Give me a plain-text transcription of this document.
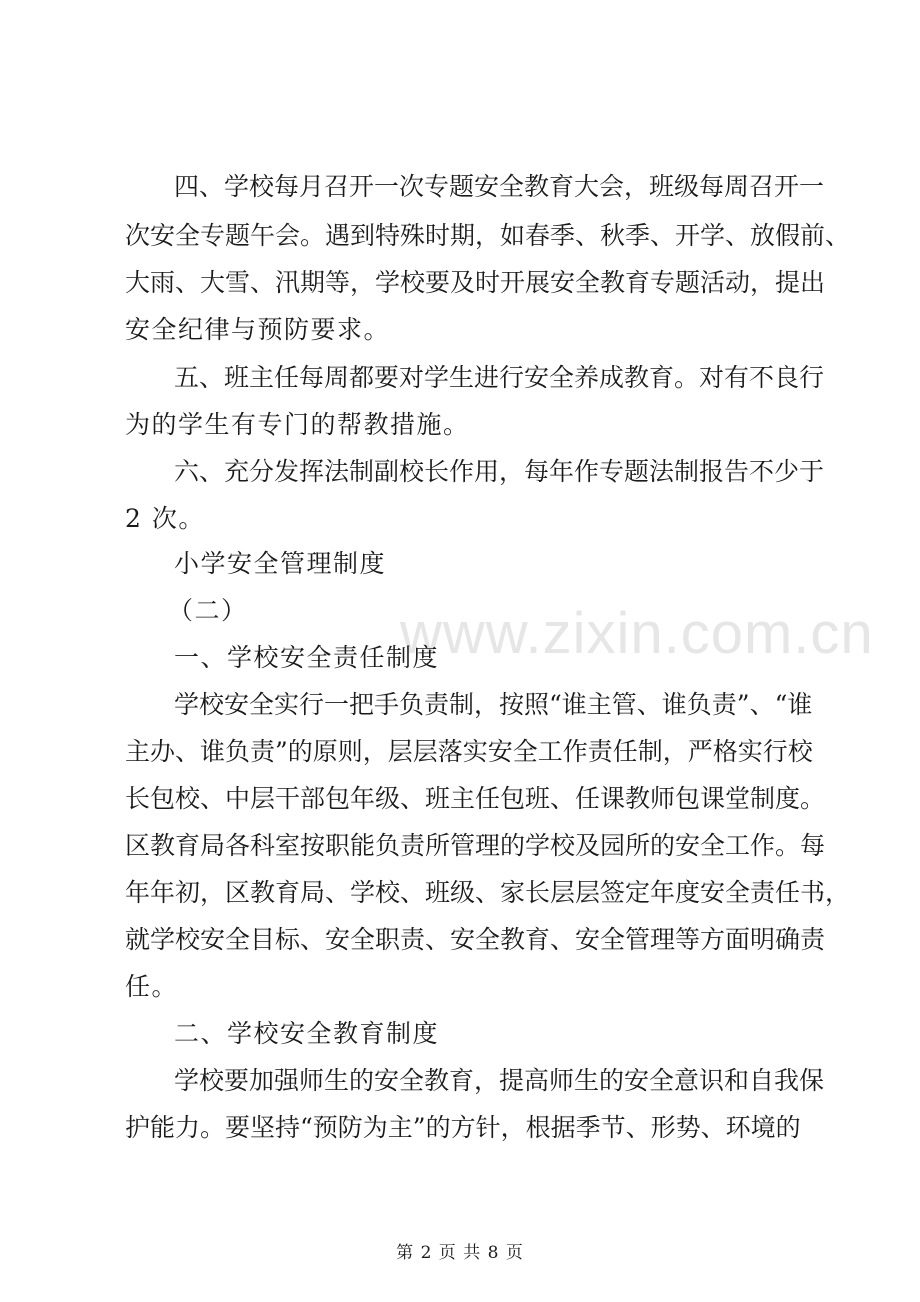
www.zixin.com.cn
四、学校每月召开一次专题安全教育大会，班级每周召开一
次安全专题午会。遇到特殊时期，如春季、秋季、开学、放假前、
大雨、大雪、汛期等，学校要及时开展安全教育专题活动，提出
安全纪律与预防要求。
五、班主任每周都要对学生进行安全养成教育。对有不良行
为的学生有专门的帮教措施。
六、充分发挥法制副校长作用，每年作专题法制报告不少于
2 次。
小学安全管理制度
（二）
一、学校安全责任制度
学校安全实行一把手负责制，按照“谁主管、谁负责”、“谁
主办、谁负责”的原则，层层落实安全工作责任制，严格实行校
长包校、中层干部包年级、班主任包班、任课教师包课堂制度。
区教育局各科室按职能负责所管理的学校及园所的安全工作。每
年年初，区教育局、学校、班级、家长层层签定年度安全责任书，
就学校安全目标、安全职责、安全教育、安全管理等方面明确责
任。
二、学校安全教育制度
学校要加强师生的安全教育，提高师生的安全意识和自我保
护能力。要坚持“预防为主”的方针，根据季节、形势、环境的
第 2 页 共 8 页
